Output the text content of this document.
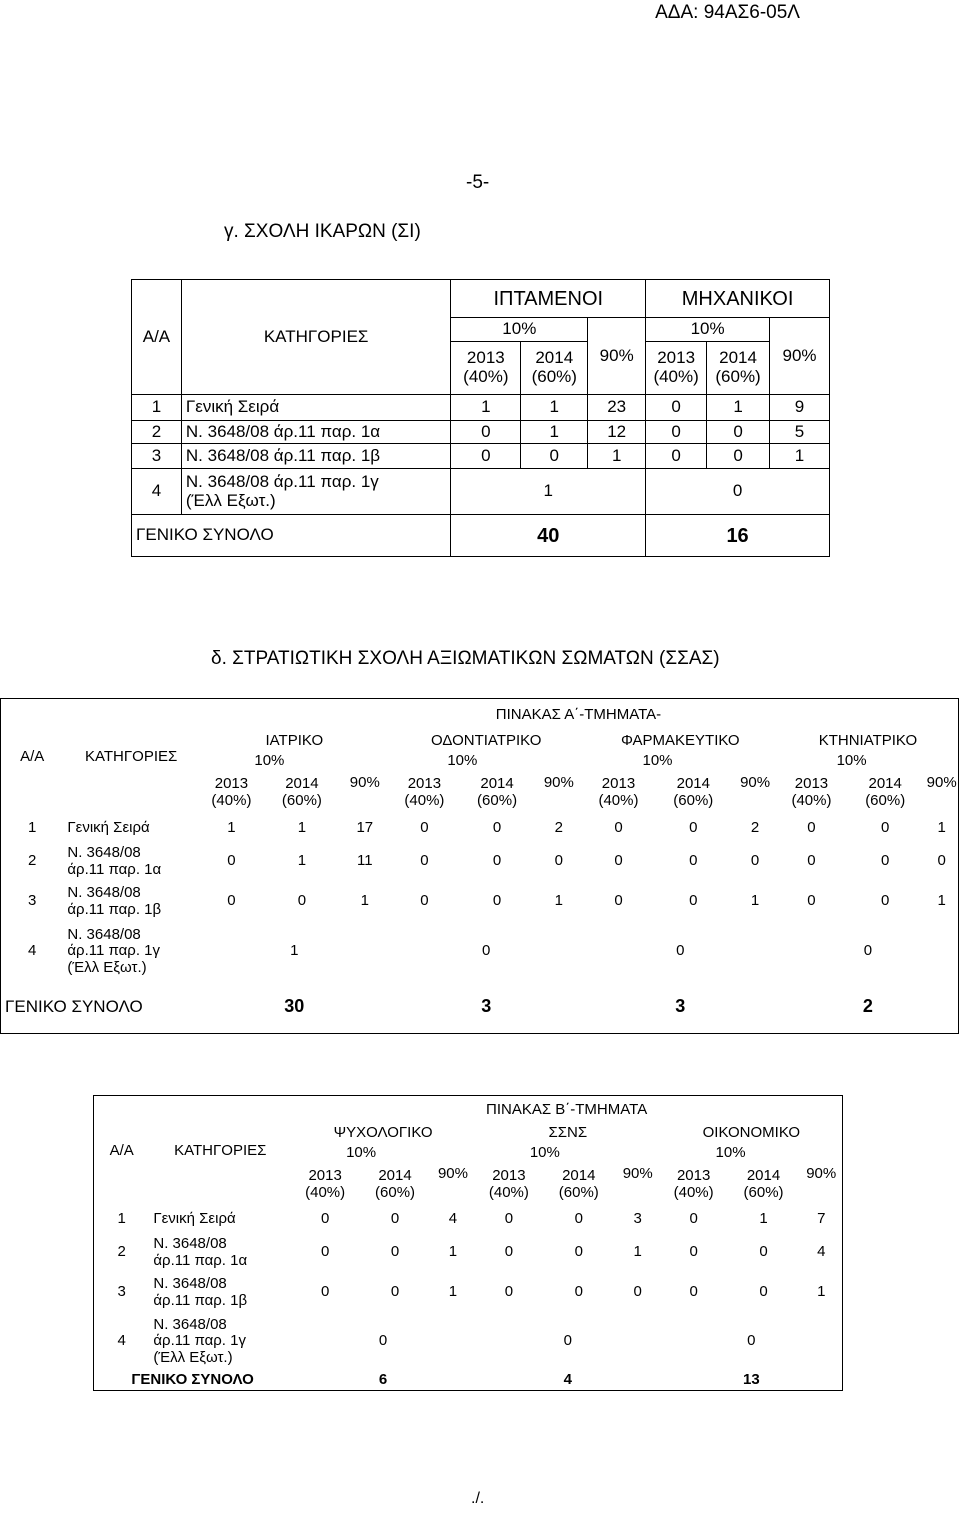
ΑΔΑ: 94ΑΣ6-05Λ
-5-
γ. ΣΧΟΛΗ ΙΚΑΡΩΝ (ΣΙ)
Α/Α	ΚΑΤΗΓΟΡΙΕΣ	ΙΠΤΑΜΕΝΟΙ			ΜΗΧΑΝΙΚΟΙ		
		10%		90%	10%		90%
		2013
(40%)	2014
(60%)		2013
(40%)	2014
(60%)	
1	Γενική Σειρά	1	1	23	0	1	9
2	Ν. 3648/08 άρ.11 παρ. 1α	0	1	12	0	0	5
3	Ν. 3648/08 άρ.11 παρ. 1β	0	0	1	0	0	1
4	Ν. 3648/08 άρ.11 παρ. 1γ
(Έλλ Εξωτ.)	1			0		
ΓΕΝΙΚΟ ΣΥΝΟΛΟ		40			16		
δ. ΣΤΡΑΤΙΩΤΙΚΗ ΣΧΟΛΗ ΑΞΙΩΜΑΤΙΚΩΝ ΣΩΜΑΤΩΝ (ΣΣΑΣ)
Α/Α	ΚΑΤΗΓΟΡΙΕΣ	ΠΙΝΑΚΑΣ Α΄-ΤΜΗΜΑΤΑ-											
		ΙΑΤΡΙΚΟ			ΟΔΟΝΤΙΑΤΡΙΚΟ			ΦΑΡΜΑΚΕΥΤΙΚΟ			ΚΤΗΝΙΑΤΡΙΚΟ		
		10%		90%	10%		90%	10%		90%	10%		90%
		2013
(40%)	2014
(60%)		2013
(40%)	2014
(60%)		2013
(40%)	2014
(60%)		2013
(40%)	2014
(60%)	
1	Γενική Σειρά	1	1	17	0	0	2	0	0	2	0	0	1
2	Ν. 3648/08
άρ.11 παρ. 1α	0	1	11	0	0	0	0	0	0	0	0	0
3	Ν. 3648/08
άρ.11 παρ. 1β	0	0	1	0	0	1	0	0	1	0	0	1
4	Ν. 3648/08
άρ.11 παρ. 1γ
(Έλλ Εξωτ.)	1			0			0			0		
ΓΕΝΙΚΟ ΣΥΝΟΛΟ		30			3			3			2		
Α/Α	ΚΑΤΗΓΟΡΙΕΣ	ΠΙΝΑΚΑΣ Β΄-ΤΜΗΜΑΤΑ								
		ΨΥΧΟΛΟΓΙΚΟ			ΣΣΝΣ			ΟΙΚΟΝΟΜΙΚΟ		
		10%		90%	10%		90%	10%		90%
		2013
(40%)	2014
(60%)		2013
(40%)	2014
(60%)		2013
(40%)	2014
(60%)	
1	Γενική Σειρά	0	0	4	0	0	3	0	1	7
2	Ν. 3648/08
άρ.11 παρ. 1α	0	0	1	0	0	1	0	0	4
3	Ν. 3648/08
άρ.11 παρ. 1β	0	0	1	0	0	0	0	0	1
4	Ν. 3648/08
άρ.11 παρ. 1γ
(Έλλ Εξωτ.)	0			0			0		
ΓΕΝΙΚΟ ΣΥΝΟΛΟ		6			4			13		
./.
